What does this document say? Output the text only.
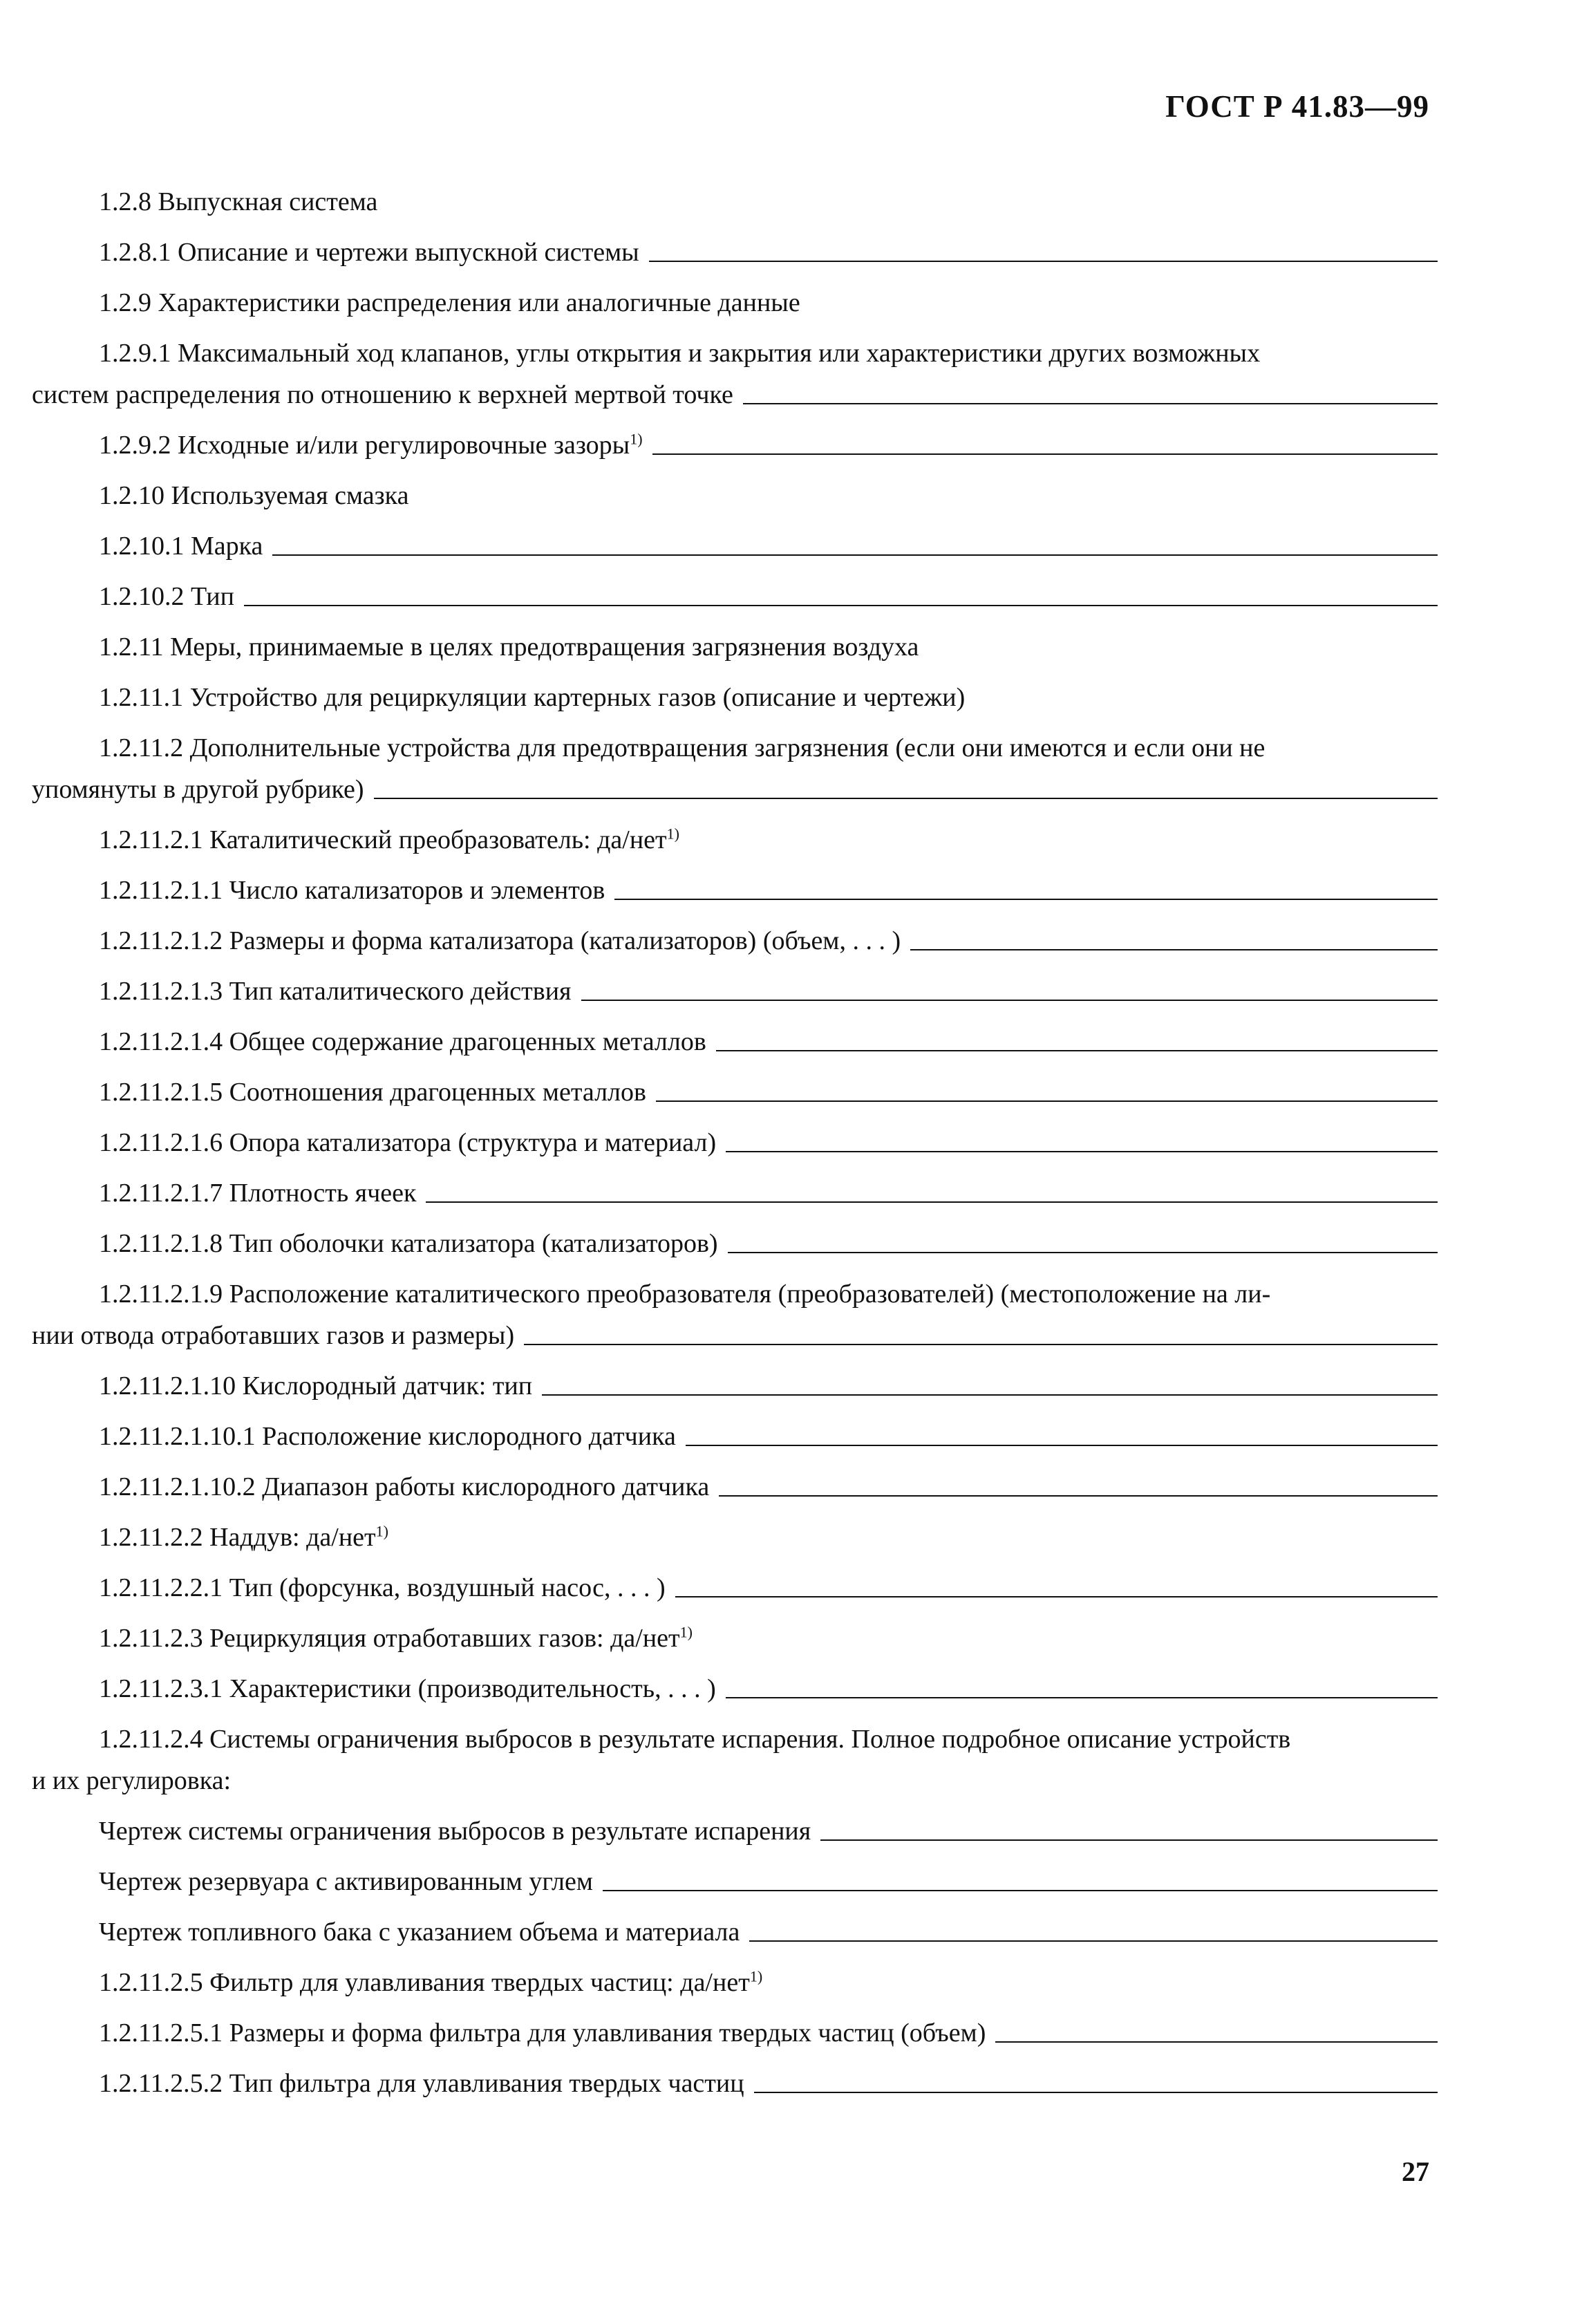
ГОСТ Р 41.83—99
1.2.8 Выпускная система
1.2.8.1 Описание и чертежи выпускной системы
1.2.9 Характеристики распределения или аналогичные данные
1.2.9.1 Максимальный ход клапанов, углы открытия и закрытия или характеристики других возможных
систем распределения по отношению к верхней мертвой точке
1.2.9.2 Исходные и/или регулировочные зазоры$^{1)}$
1.2.10 Используемая смазка
1.2.10.1 Марка
1.2.10.2 Тип
1.2.11 Меры, принимаемые в целях предотвращения загрязнения воздуха
1.2.11.1 Устройство для рециркуляции картерных газов (описание и чертежи)
1.2.11.2 Дополнительные устройства для предотвращения загрязнения (если они имеются и если они не
упомянуты в другой рубрике)
1.2.11.2.1 Каталитический преобразователь: да/нет$^{1)}$
1.2.11.2.1.1 Число катализаторов и элементов
1.2.11.2.1.2 Размеры и форма катализатора (катализаторов) (объем, . . . )
1.2.11.2.1.3 Тип каталитического действия
1.2.11.2.1.4 Общее содержание драгоценных металлов
1.2.11.2.1.5 Соотношения драгоценных металлов
1.2.11.2.1.6 Опора катализатора (структура и материал)
1.2.11.2.1.7 Плотность ячеек
1.2.11.2.1.8 Тип оболочки катализатора (катализаторов)
1.2.11.2.1.9 Расположение каталитического преобразователя (преобразователей) (местоположение на ли-
нии отвода отработавших газов и размеры)
1.2.11.2.1.10 Кислородный датчик: тип
1.2.11.2.1.10.1 Расположение кислородного датчика
1.2.11.2.1.10.2 Диапазон работы кислородного датчика
1.2.11.2.2 Наддув: да/нет$^{1)}$
1.2.11.2.2.1 Тип (форсунка, воздушный насос, . . . )
1.2.11.2.3 Рециркуляция отработавших газов: да/нет$^{1)}$
1.2.11.2.3.1 Характеристики (производительность, . . . )
1.2.11.2.4 Системы ограничения выбросов в результате испарения. Полное подробное описание устройств
и их регулировка:
Чертеж системы ограничения выбросов в результате испарения
Чертеж резервуара с активированным углем
Чертеж топливного бака с указанием объема и материала
1.2.11.2.5 Фильтр для улавливания твердых частиц: да/нет$^{1)}$
1.2.11.2.5.1 Размеры и форма фильтра для улавливания твердых частиц (объем)
1.2.11.2.5.2 Тип фильтра для улавливания твердых частиц
27
